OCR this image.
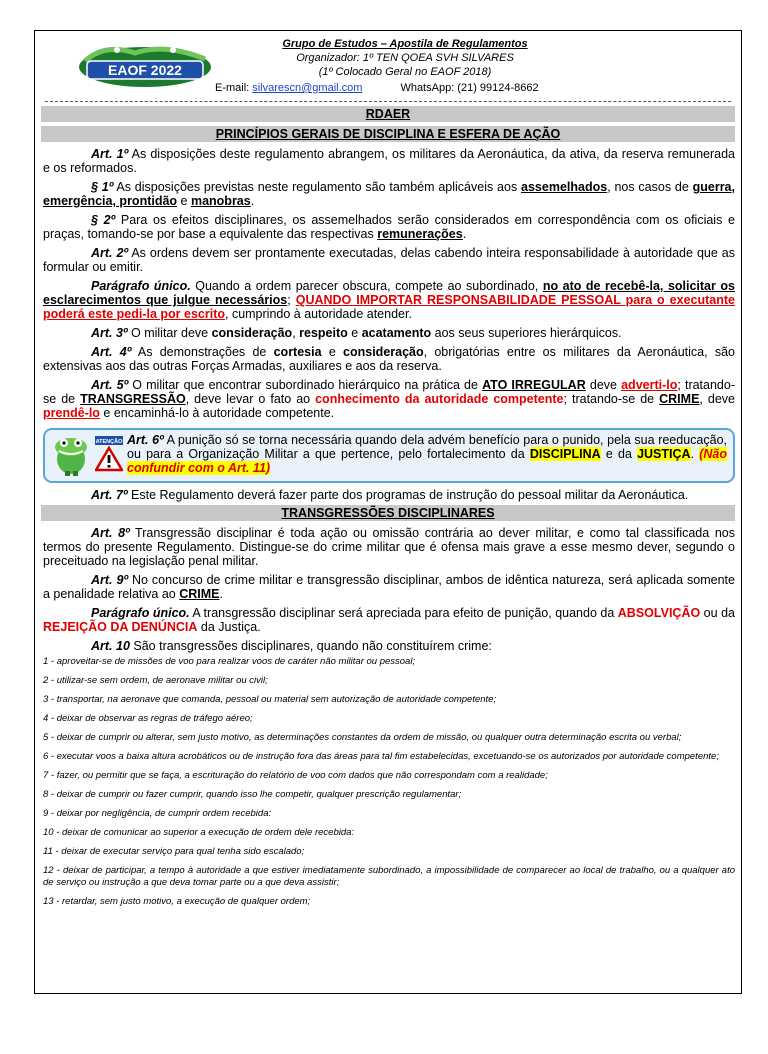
EAOF 2022
Grupo de Estudos – Apostila de Regulamentos
Organizador: 1º TEN QOEA SVH SILVARES
(1º Colocado Geral no EAOF 2018)
E-mail: silvarescn@gmail.com	WhatsApp: (21) 99124-8662
RDAER
PRINCÍPIOS GERAIS DE DISCIPLINA E ESFERA DE AÇÃO

Art. 1º As disposições deste regulamento abrangem, os militares da Aeronáutica, da ativa, da reserva remunerada e os reformados.

§ 1º As disposições previstas neste regulamento são também aplicáveis aos assemelhados, nos casos de guerra, emergência, prontidão e manobras.

§ 2º Para os efeitos disciplinares, os assemelhados serão considerados em correspondência com os oficiais e praças, tomando-se por base a equivalente das respectivas remunerações.

Art. 2º As ordens devem ser prontamente executadas, delas cabendo inteira responsabilidade à autoridade que as formular ou emitir.

Parágrafo único. Quando a ordem parecer obscura, compete ao subordinado, no ato de recebê-la, solicitar os esclarecimentos que julgue necessários; QUANDO IMPORTAR RESPONSABILIDADE PESSOAL para o executante poderá este pedi-la por escrito, cumprindo à autoridade atender.

Art. 3º O militar deve consideração, respeito e acatamento aos seus superiores hierárquicos.

Art. 4º As demonstrações de cortesia e consideração, obrigatórias entre os militares da Aeronáutica, são extensivas aos das outras Forças Armadas, auxiliares e aos da reserva.

Art. 5º O militar que encontrar subordinado hierárquico na prática de ATO IRREGULAR deve adverti-lo; tratando-se de TRANSGRESSÃO, deve levar o fato ao conhecimento da autoridade competente; tratando-se de CRIME, deve prendê-lo e encaminhá-lo à autoridade competente.

ATENÇÃO Art. 6º A punição só se torna necessária quando dela advém benefício para o punido, pela sua reeducação, ou para a Organização Militar a que pertence, pelo fortalecimento da DISCIPLINA e da JUSTIÇA. (Não confundir com o Art. 11)

Art. 7º Este Regulamento deverá fazer parte dos programas de instrução do pessoal militar da Aeronáutica.

TRANSGRESSÕES DISCIPLINARES

Art. 8º Transgressão disciplinar é toda ação ou omissão contrária ao dever militar, e como tal classificada nos termos do presente Regulamento. Distingue-se do crime militar que é ofensa mais grave a esse mesmo dever, segundo o preceituado na legislação penal militar.

Art. 9º No concurso de crime militar e transgressão disciplinar, ambos de idêntica natureza, será aplicada somente a penalidade relativa ao CRIME.

Parágrafo único. A transgressão disciplinar será apreciada para efeito de punição, quando da ABSOLVIÇÃO ou da REJEIÇÃO DA DENÚNCIA da Justiça.

Art. 10 São transgressões disciplinares, quando não constituírem crime:

1 - aproveitar-se de missões de voo para realizar voos de caráter não militar ou pessoal;
2 - utilizar-se sem ordem, de aeronave militar ou civil;
3 - transportar, na aeronave que comanda, pessoal ou material sem autorização de autoridade competente;
4 - deixar de observar as regras de tráfego aéreo;
5 - deixar de cumprir ou alterar, sem justo motivo, as determinações constantes da ordem de missão, ou qualquer outra determinação escrita ou verbal;
6 - executar voos a baixa altura acrobáticos ou de instrução fora das áreas para tal fim estabelecidas, excetuando-se os autorizados por autoridade competente;
7 - fazer, ou permitir que se faça, a escrituração do relatório de voo com dados que não correspondam com a realidade;
8 - deixar de cumprir ou fazer cumprir, quando isso lhe competir, qualquer prescrição regulamentar;
9 - deixar por negligência, de cumprir ordem recebida:
10 - deixar de comunicar ao superior a execução de ordem dele recebida:
11 - deixar de executar serviço para qual tenha sido escalado;
12 - deixar de participar, a tempo à autoridade a que estiver imediatamente subordinado, a impossibilidade de comparecer ao local de trabalho, ou a qualquer ato de serviço ou instrução a que deva tomar parte ou a que deva assistir;
13 - retardar, sem justo motivo, a execução de qualquer ordem;
